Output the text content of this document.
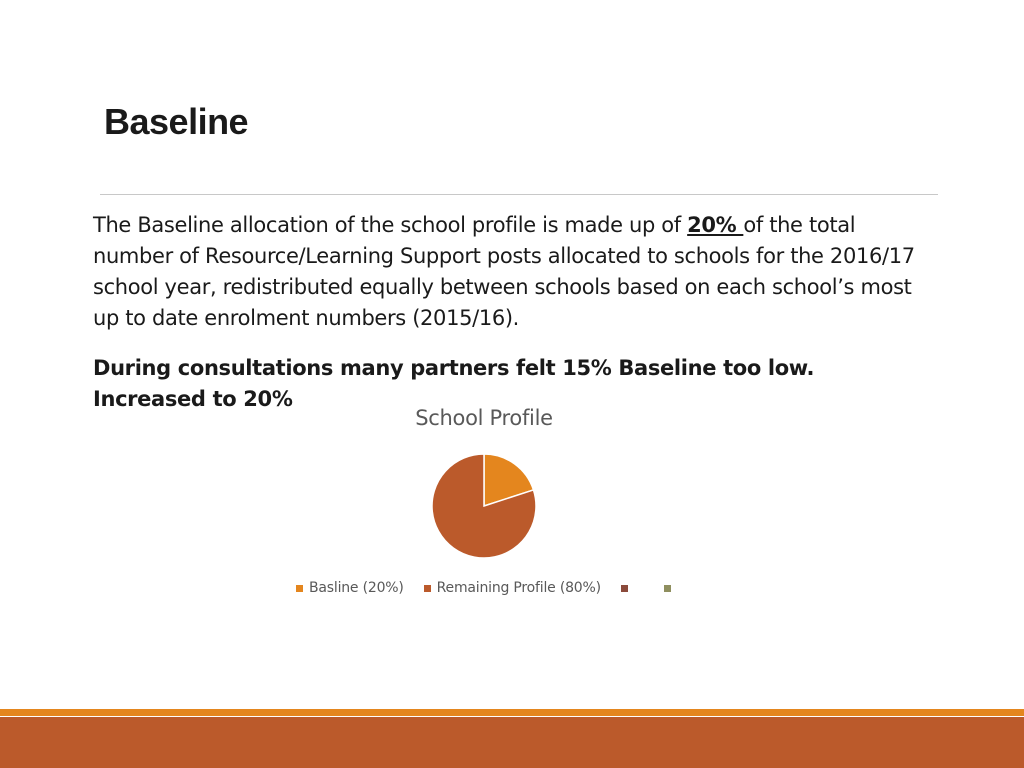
Baseline

The Baseline allocation of the school profile is made up of 20% of the total number of Resource/Learning Support posts allocated to schools for the 2016/17 school year, redistributed equally between schools based on each school’s most up to date enrolment numbers (2015/16).

During consultations many partners felt 15% Baseline too low.
Increased to 20%

School Profile
Basline (20%) Remaining Profile (80%)
